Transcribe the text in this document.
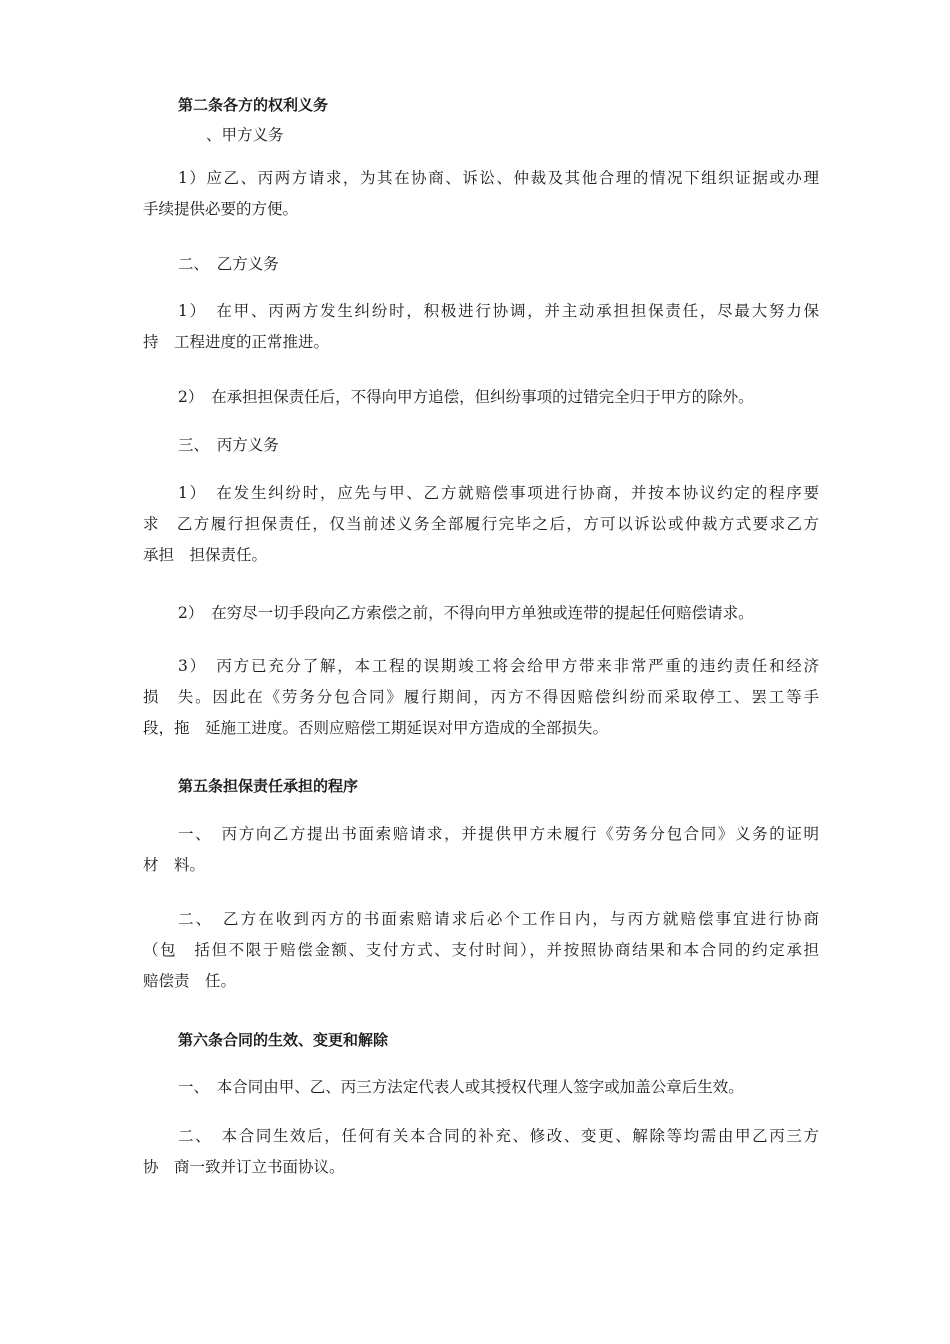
第二条各方的权利义务
、甲方义务
1）应乙、丙两方请求，为其在协商、诉讼、仲裁及其他合理的情况下组织证据或办理
手续提供必要的方便。
二、　乙方义务
1）　在甲、丙两方发生纠纷时，积极进行协调，并主动承担担保责任，尽最大努力保
持　工程进度的正常推进。
2）　在承担担保责任后，不得向甲方追偿，但纠纷事项的过错完全归于甲方的除外。
三、　丙方义务
1）　在发生纠纷时，应先与甲、乙方就赔偿事项进行协商，并按本协议约定的程序要
求　乙方履行担保责任，仅当前述义务全部履行完毕之后，方可以诉讼或仲裁方式要求乙方
承担　担保责任。
2）　在穷尽一切手段向乙方索偿之前，不得向甲方单独或连带的提起任何赔偿请求。
3）　丙方已充分了解，本工程的误期竣工将会给甲方带来非常严重的违约责任和经济
损　失。因此在《劳务分包合同》履行期间，丙方不得因赔偿纠纷而采取停工、罢工等手
段，拖　延施工进度。否则应赔偿工期延误对甲方造成的全部损失。
第五条担保责任承担的程序
一、　丙方向乙方提出书面索赔请求，并提供甲方未履行《劳务分包合同》义务的证明
材　料。
二、　乙方在收到丙方的书面索赔请求后必个工作日内，与丙方就赔偿事宜进行协商
（包　括但不限于赔偿金额、支付方式、支付时间），并按照协商结果和本合同的约定承担
赔偿责　任。
第六条合同的生效、变更和解除
一、　本合同由甲、乙、丙三方法定代表人或其授权代理人签字或加盖公章后生效。
二、　本合同生效后，任何有关本合同的补充、修改、变更、解除等均需由甲乙丙三方
协　商一致并订立书面协议。
